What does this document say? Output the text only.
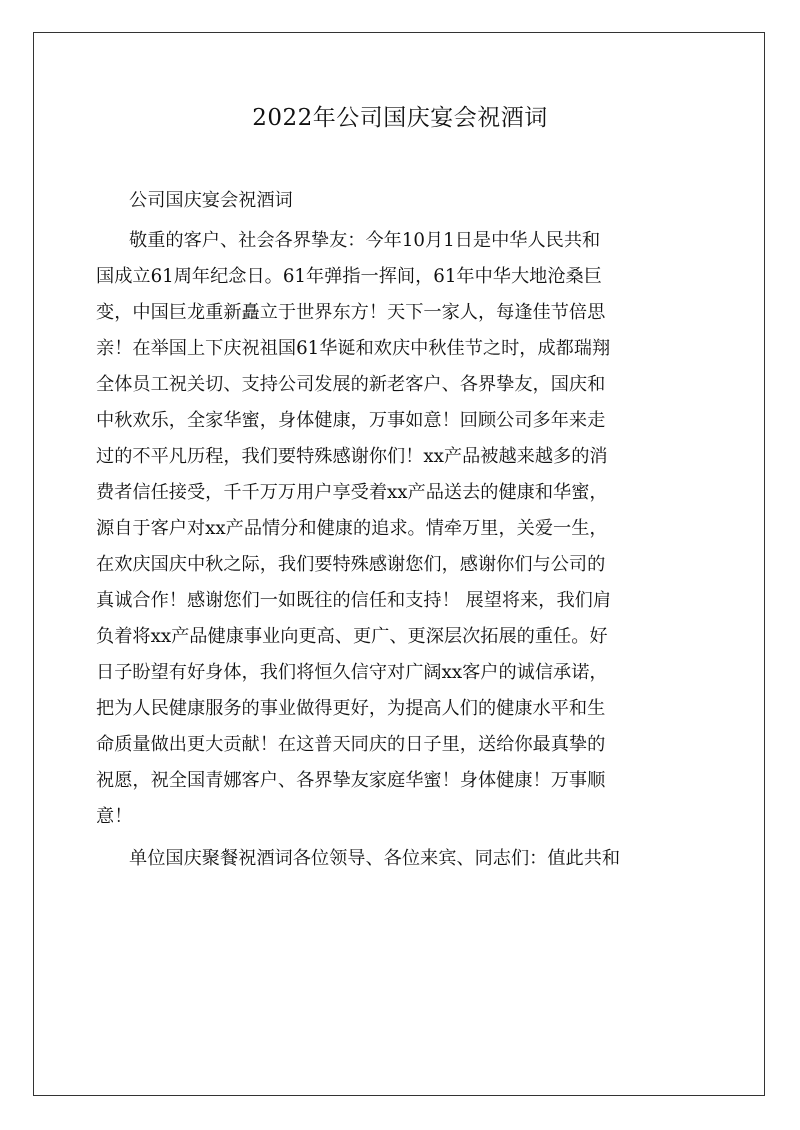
2022年公司国庆宴会祝酒词
公司国庆宴会祝酒词
敬重的客户、社会各界挚友：今年10月1日是中华人民共和
国成立61周年纪念日。61年弹指一挥间，61年中华大地沧桑巨
变，中国巨龙重新矗立于世界东方！天下一家人，每逢佳节倍思
亲！在举国上下庆祝祖国61华诞和欢庆中秋佳节之时，成都瑞翔
全体员工祝关切、支持公司发展的新老客户、各界挚友，国庆和
中秋欢乐，全家华蜜，身体健康，万事如意！回顾公司多年来走
过的不平凡历程，我们要特殊感谢你们！xx产品被越来越多的消
费者信任接受，千千万万用户享受着xx产品送去的健康和华蜜，
源自于客户对xx产品情分和健康的追求。情牵万里，关爱一生，
在欢庆国庆中秋之际，我们要特殊感谢您们，感谢你们与公司的
真诚合作！感谢您们一如既往的信任和支持！ 展望将来，我们肩
负着将xx产品健康事业向更高、更广、更深层次拓展的重任。好
日子盼望有好身体，我们将恒久信守对广阔xx客户的诚信承诺，
把为人民健康服务的事业做得更好，为提高人们的健康水平和生
命质量做出更大贡献！在这普天同庆的日子里，送给你最真挚的
祝愿，祝全国青娜客户、各界挚友家庭华蜜！身体健康！万事顺
意！
单位国庆聚餐祝酒词各位领导、各位来宾、同志们：值此共和
